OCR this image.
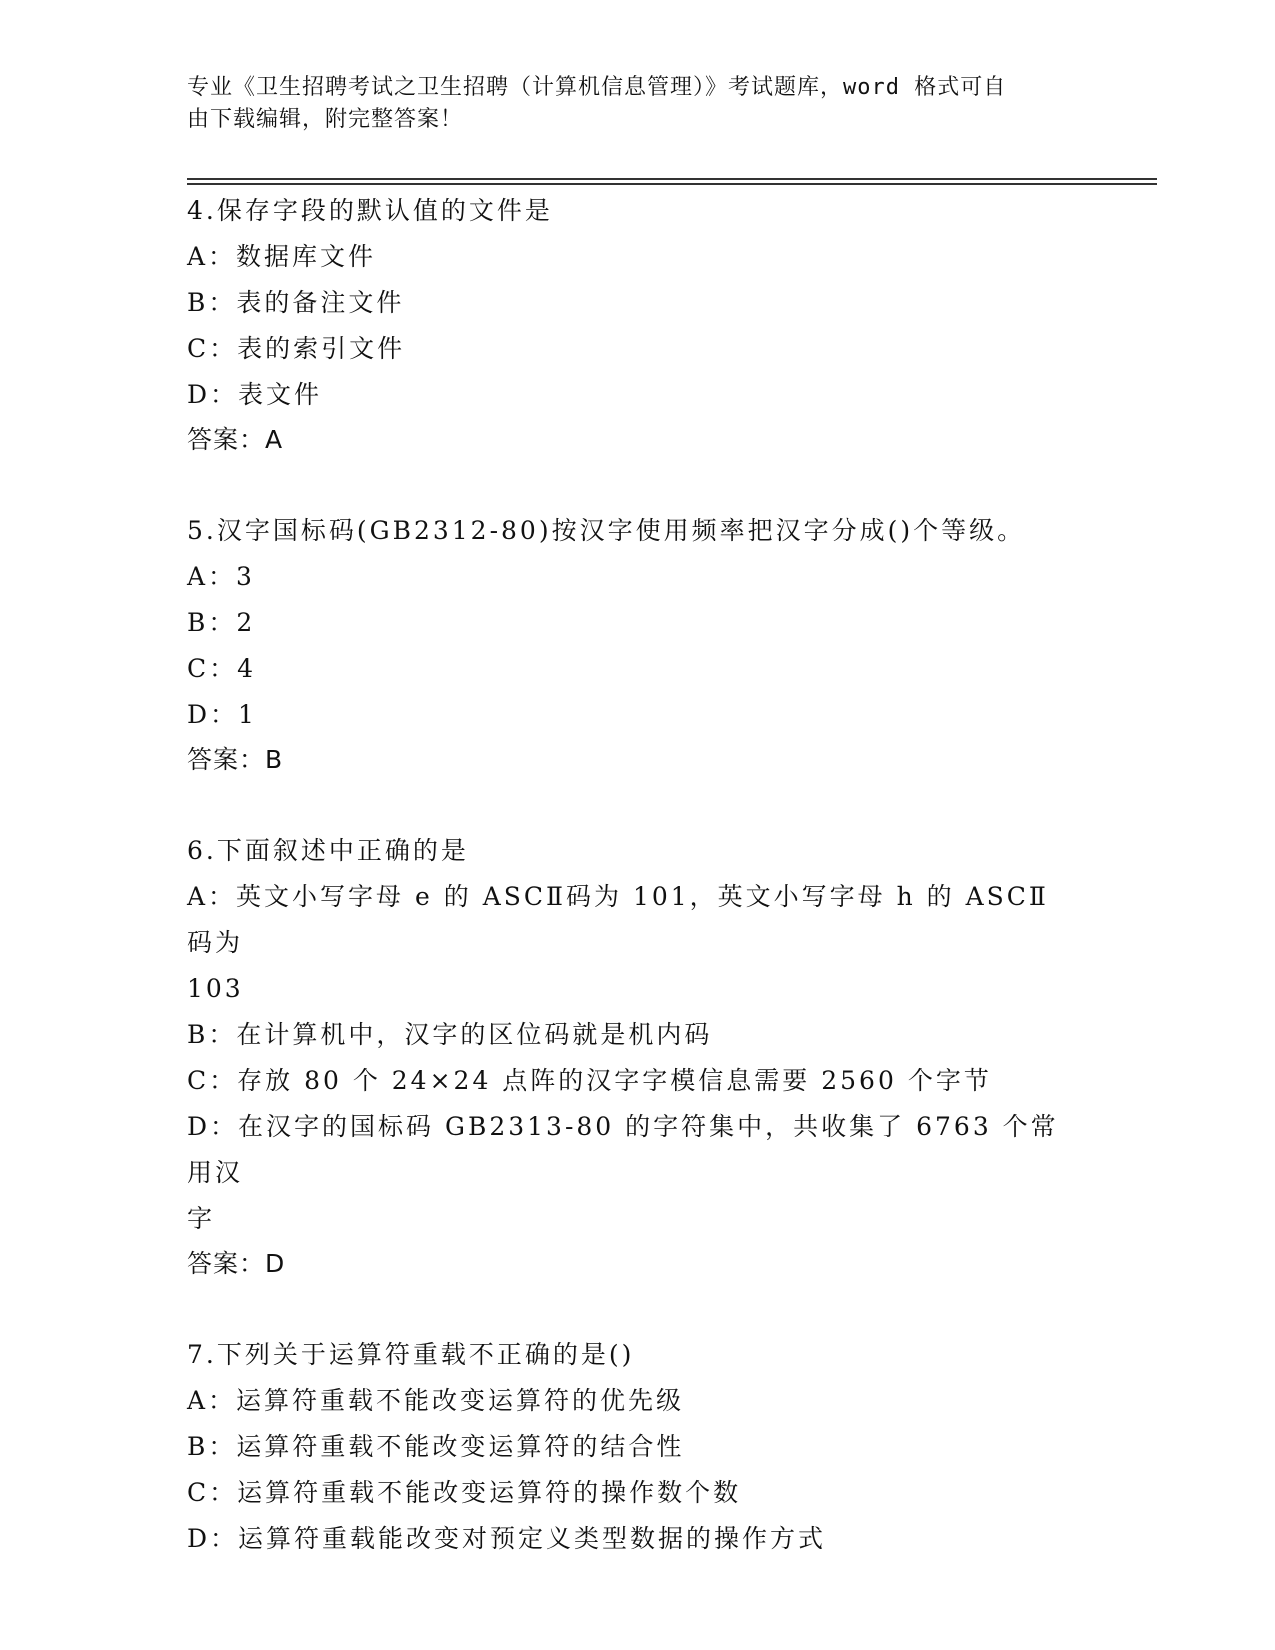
专业《卫生招聘考试之卫生招聘（计算机信息管理）》考试题库，word 格式可自
由下载编辑，附完整答案！
4.保存字段的默认值的文件是
A：数据库文件
B：表的备注文件
C：表的索引文件
D：表文件
答案：A
5.汉字国标码(GB2312-80)按汉字使用频率把汉字分成()个等级。
A：3
B：2
C：4
D：1
答案：B
6.下面叙述中正确的是
A：英文小写字母 e 的 ASCⅡ码为 101，英文小写字母 h 的 ASCⅡ码为
103
B：在计算机中，汉字的区位码就是机内码
C：存放 80 个 24×24 点阵的汉字字模信息需要 2560 个字节
D：在汉字的国标码 GB2313-80 的字符集中，共收集了 6763 个常用汉
字
答案：D
7.下列关于运算符重载不正确的是()
A：运算符重载不能改变运算符的优先级
B：运算符重载不能改变运算符的结合性
C：运算符重载不能改变运算符的操作数个数
D：运算符重载能改变对预定义类型数据的操作方式
